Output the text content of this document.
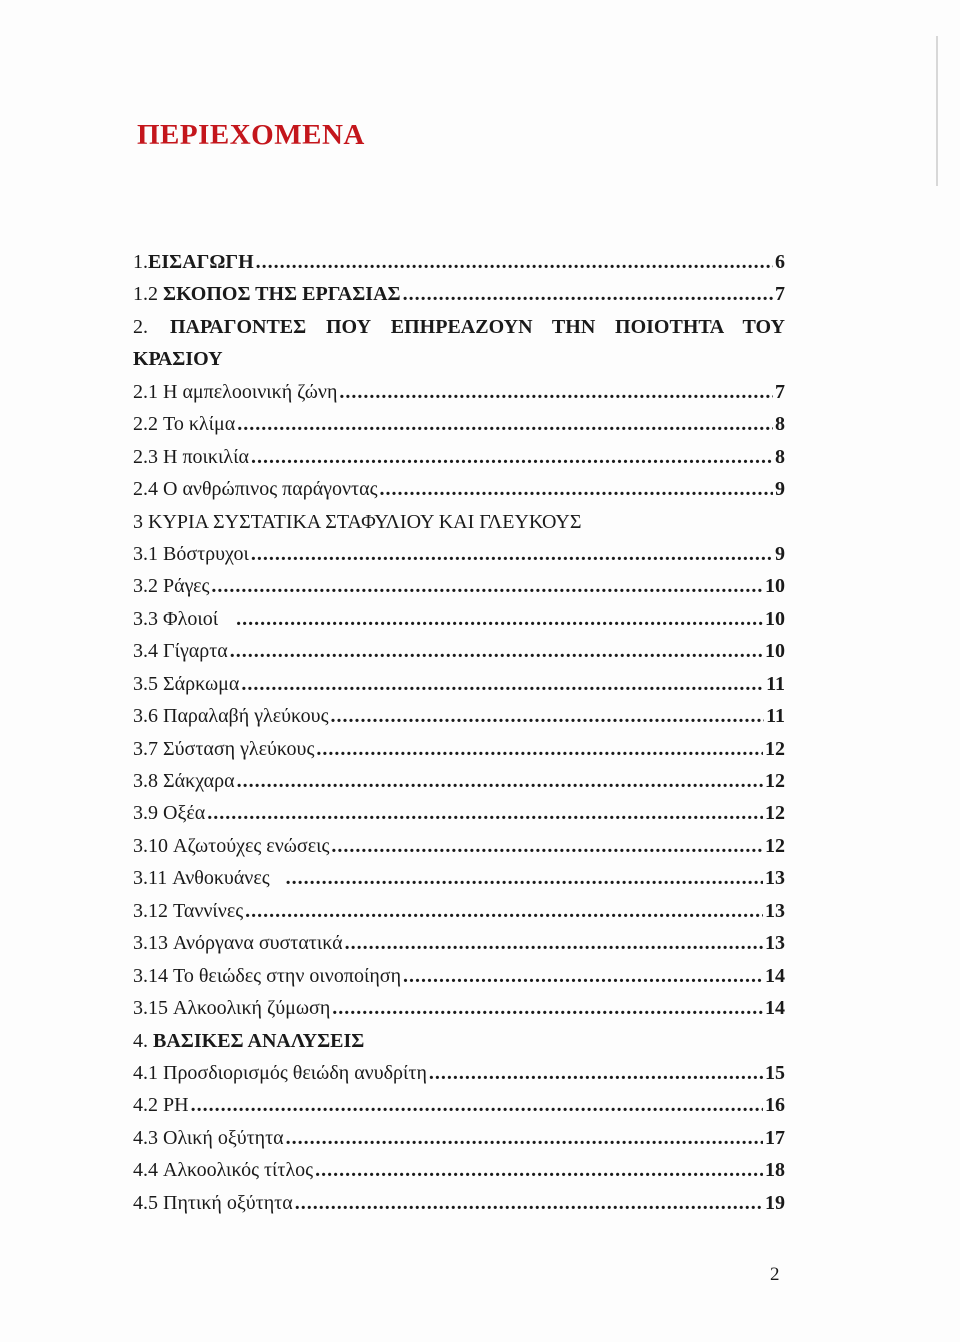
ΠΕΡΙΕΧΟΜΕΝΑ
1. ΕΙΣΑΓΩΓΗ .....	6
1.2 ΣΚΟΠΟΣ ΤΗΣ ΕΡΓΑΣΙΑΣ .....	7
2.	ΠΑΡΑΓΟΝΤΕΣ ΠΟΥ ΕΠΗΡΕΑΖΟΥΝ ΤΗΝ ΠΟΙΟΤΗΤΑ ΤΟΥ
ΚΡΑΣΙΟΥ
2.1 Η αμπελοοινική ζώνη .....	7
2.2 Το κλίμα .....	8
2.3 Η ποικιλία .....	8
2.4 Ο ανθρώπινος παράγοντας .....	9
3 ΚΥΡΙΑ ΣΥΣΤΑΤΙΚΑ ΣΤΑΦΥΛΙΟΥ ΚΑΙ ΓΛΕΥΚΟΥΣ
3.1 Βόστρυχοι .....	9
3.2 Ράγες .....	10
3.3 Φλοιοί .....	10
3.4 Γίγαρτα .....	10
3.5 Σάρκωμα .....	11
3.6 Παραλαβή γλεύκους .....	11
3.7 Σύσταση γλεύκους .....	12
3.8 Σάκχαρα .....	12
3.9 Οξέα .....	12
3.10 Αζωτούχες ενώσεις .....	12
3.11 Ανθοκυάνες .....	13
3.12 Ταννίνες .....	13
3.13 Ανόργανα συστατικά .....	13
3.14 Το θειώδες στην οινοποίηση .....	14
3.15 Αλκοολική ζύμωση .....	14
4. ΒΑΣΙΚΕΣ ΑΝΑΛΥΣΕΙΣ
4.1 Προσδιορισμός θειώδη ανυδρίτη .....	15
4.2 PH .....	16
4.3 Ολική οξύτητα .....	17
4.4 Αλκοολικός τίτλος .....	18
4.5 Πητική οξύτητα .....	19
2
